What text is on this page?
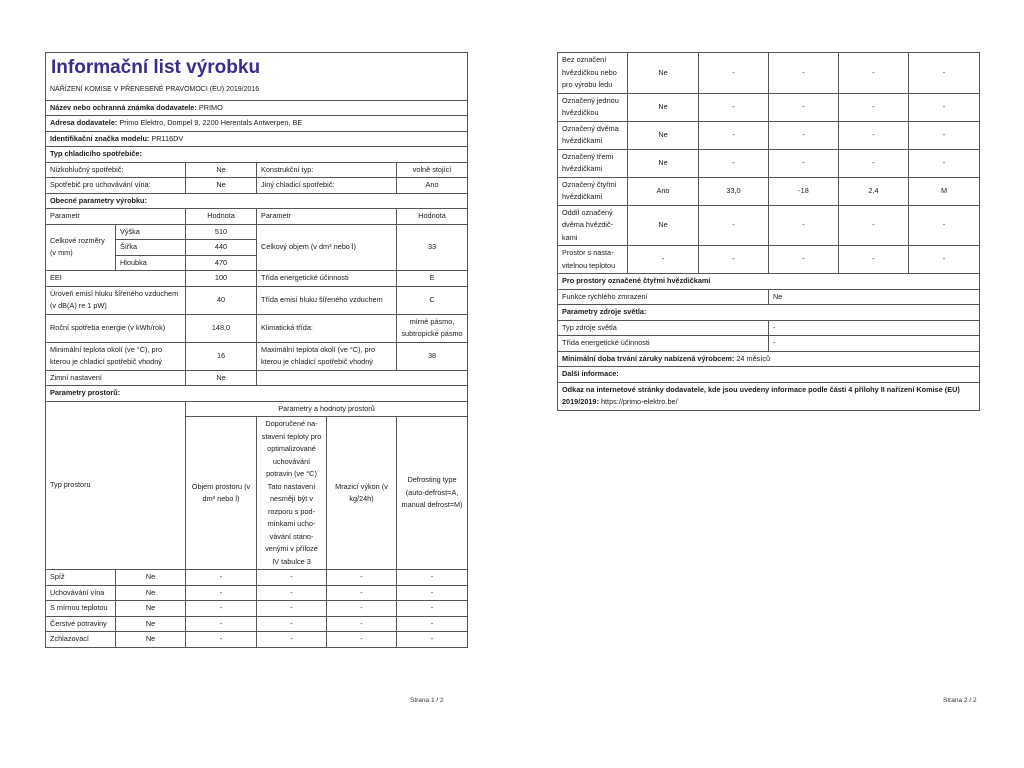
Informační list výrobku					
NAŘÍZENÍ KOMISE V PŘENESENÉ PRAVOMOCI (EU) 2019/2016					
Název nebo ochranná známka dodavatele: PRIMO					
Adresa dodavatele: Primo Elektro, Dompel 9, 2200 Herentals Antwerpen, BE					
Identifikační značka modelu: PR116DV					
Typ chladicího spotřebiče:					
Nízkohlučný spotřebič:		Ne	Konstrukční typ:		volně stojící
Spotřebič pro uchovávání vína:		Ne	Jiný chladicí spotřebič:		Ano
Obecné parametry výrobku:					
Parametr		Hodnota	Parametr		Hodnota
Celkové rozměry (v mm)	Výška	510	Celkový objem (v dm³ nebo l)		33
	Šířka	440			
	Hloubka	470			
EEI		100	Třída energetické účinnosti		E
Úroveň emisí hluku šířeného vzduchem (v dB(A) re 1 pW)		40	Třída emisí hluku šířeného vzduchem		C
Roční spotřeba energie (v kWh/rok)		148,0	Klimatická třída:		mírné pásmo, subtropické pásmo
Minimální teplota okolí (ve °C), pro kterou je chladicí spotřebič vhodný		16	Maximální teplota okolí (ve °C), pro kterou je chladicí spotřebič vhodný		38
Zimní nastavení		Ne			
Parametry prostorů:					
Typ prostoru		Parametry a hodnoty prostorů			
		Objem prostoru (v dm³ nebo l)	Doporučené nastavení teploty pro optimalizované uchovávání potravin (ve °C) Tato nastavení nesmějí být v rozporu s podmínkami uchovávání stanovenými v příloze IV tabulce 3	Mrazicí výkon (v kg/24h)	Defrosting type (auto-defrost=A, manual defrost=M)
Spíž	Ne	-	-	-	-
Uchovávání vína	Ne	-	-	-	-
S mírnou teplotou	Ne	-	-	-	-
Čerstvé potraviny	Ne	-	-	-	-
Zchlazovací	Ne	-	-	-	-
Strana 1 / 2
Bez označení hvězdičkou nebo pro výrobu ledu	Ne	-	-	-	-
Označený jednou hvězdičkou	Ne	-	-	-	-
Označený dvěma hvězdičkami	Ne	-	-	-	-
Označený třemi hvězdičkami	Ne	-	-	-	-
Označený čtyřmi hvězdičkami	Ano	33,0	-18	2,4	M
Oddíl označený dvěma hvězdičkami	Ne	-	-	-	-
Prostor s nastavitelnou teplotou	-	-	-	-	-
Pro prostory označené čtyřmi hvězdičkami					
Funkce rychlého zmrazení			Ne		
Parametry zdroje světla:					
Typ zdroje světla			-		
Třída energetické účinnosti			-		
Minimální doba trvání záruky nabízená výrobcem: 24 měsíců					
Další informace:					
Odkaz na internetové stránky dodavatele, kde jsou uvedeny informace podle části 4 přílohy II nařízení Komise (EU) 2019/2019: https://primo-elektro.be/					
Strana 2 / 2
